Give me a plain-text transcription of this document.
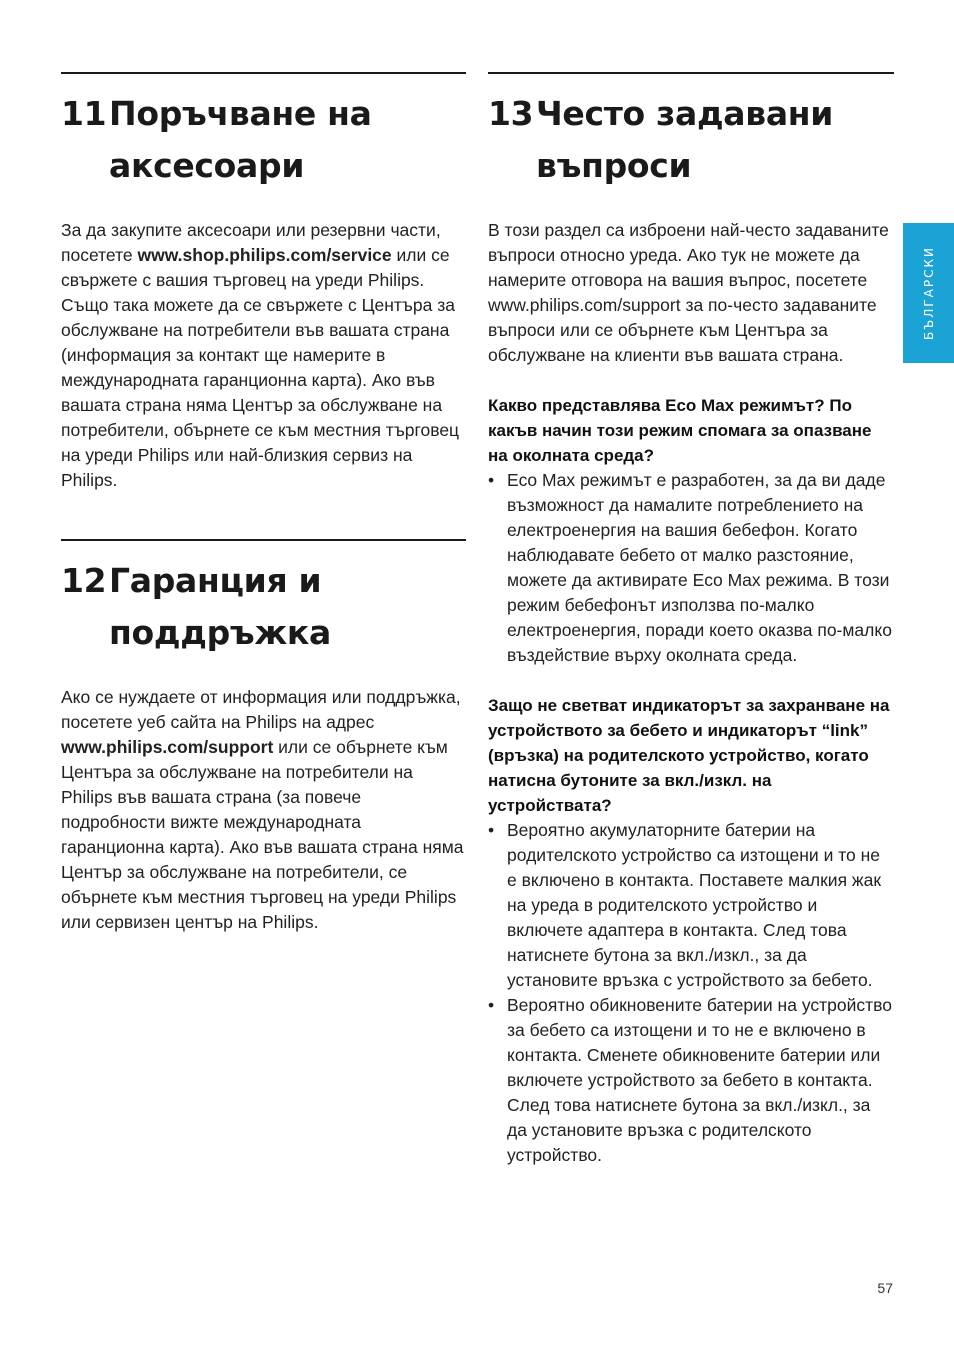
11 Поръчване на аксесоари

За да закупите аксесоари или резервни части, посетете www.shop.philips.com/service или се свържете с вашия търговец на уреди Philips. Също така можете да се свържете с Центъра за обслужване на потребители във вашата страна (информация за контакт ще намерите в международната гаранционна карта). Ако във вашата страна няма Център за обслужване на потребители, обърнете се към местния търговец на уреди Philips или най-близкия сервиз на Philips.

12 Гаранция и поддръжка

Ако се нуждаете от информация или поддръжка, посетете уеб сайта на Philips на адрес www.philips.com/support или се обърнете към Центъра за обслужване на потребители на Philips във вашата страна (за повече подробности вижте международната гаранционна карта). Ако във вашата страна няма Център за обслужване на потребители, се обърнете към местния търговец на уреди Philips или сервизен център на Philips.

13 Често задавани въпроси

В този раздел са изброени най-често задаваните въпроси относно уреда. Ако тук не можете да намерите отговора на вашия въпрос, посетете www.philips.com/support за по-често задаваните въпроси или се обърнете към Центъра за обслужване на клиенти във вашата страна.

Какво представлява Eco Max режимът? По какъв начин този режим спомага за опазване на околната среда?

• Eco Max режимът е разработен, за да ви даде възможност да намалите потреблението на електроенергия на вашия бебефон. Когато наблюдавате бебето от малко разстояние, можете да активирате Eco Max режима. В този режим бебефонът използва по-малко електроенергия, поради което оказва по-малко въздействие върху околната среда.

Защо не светват индикаторът за захранване на устройството за бебето и индикаторът “link” (връзка) на родителското устройство, когато натисна бутоните за вкл./изкл. на устройствата?

• Вероятно акумулаторните батерии на родителското устройство са изтощени и то не е включено в контакта. Поставете малкия жак на уреда в родителското устройство и включете адаптера в контакта. След това натиснете бутона за вкл./изкл., за да установите връзка с устройството за бебето.
• Вероятно обикновените батерии на устройство за бебето са изтощени и то не е включено в контакта. Сменете обикновените батерии или включете устройството за бебето в контакта. След това натиснете бутона за вкл./изкл., за да установите връзка с родителското устройство.
БЪЛГАРСКИ
57
